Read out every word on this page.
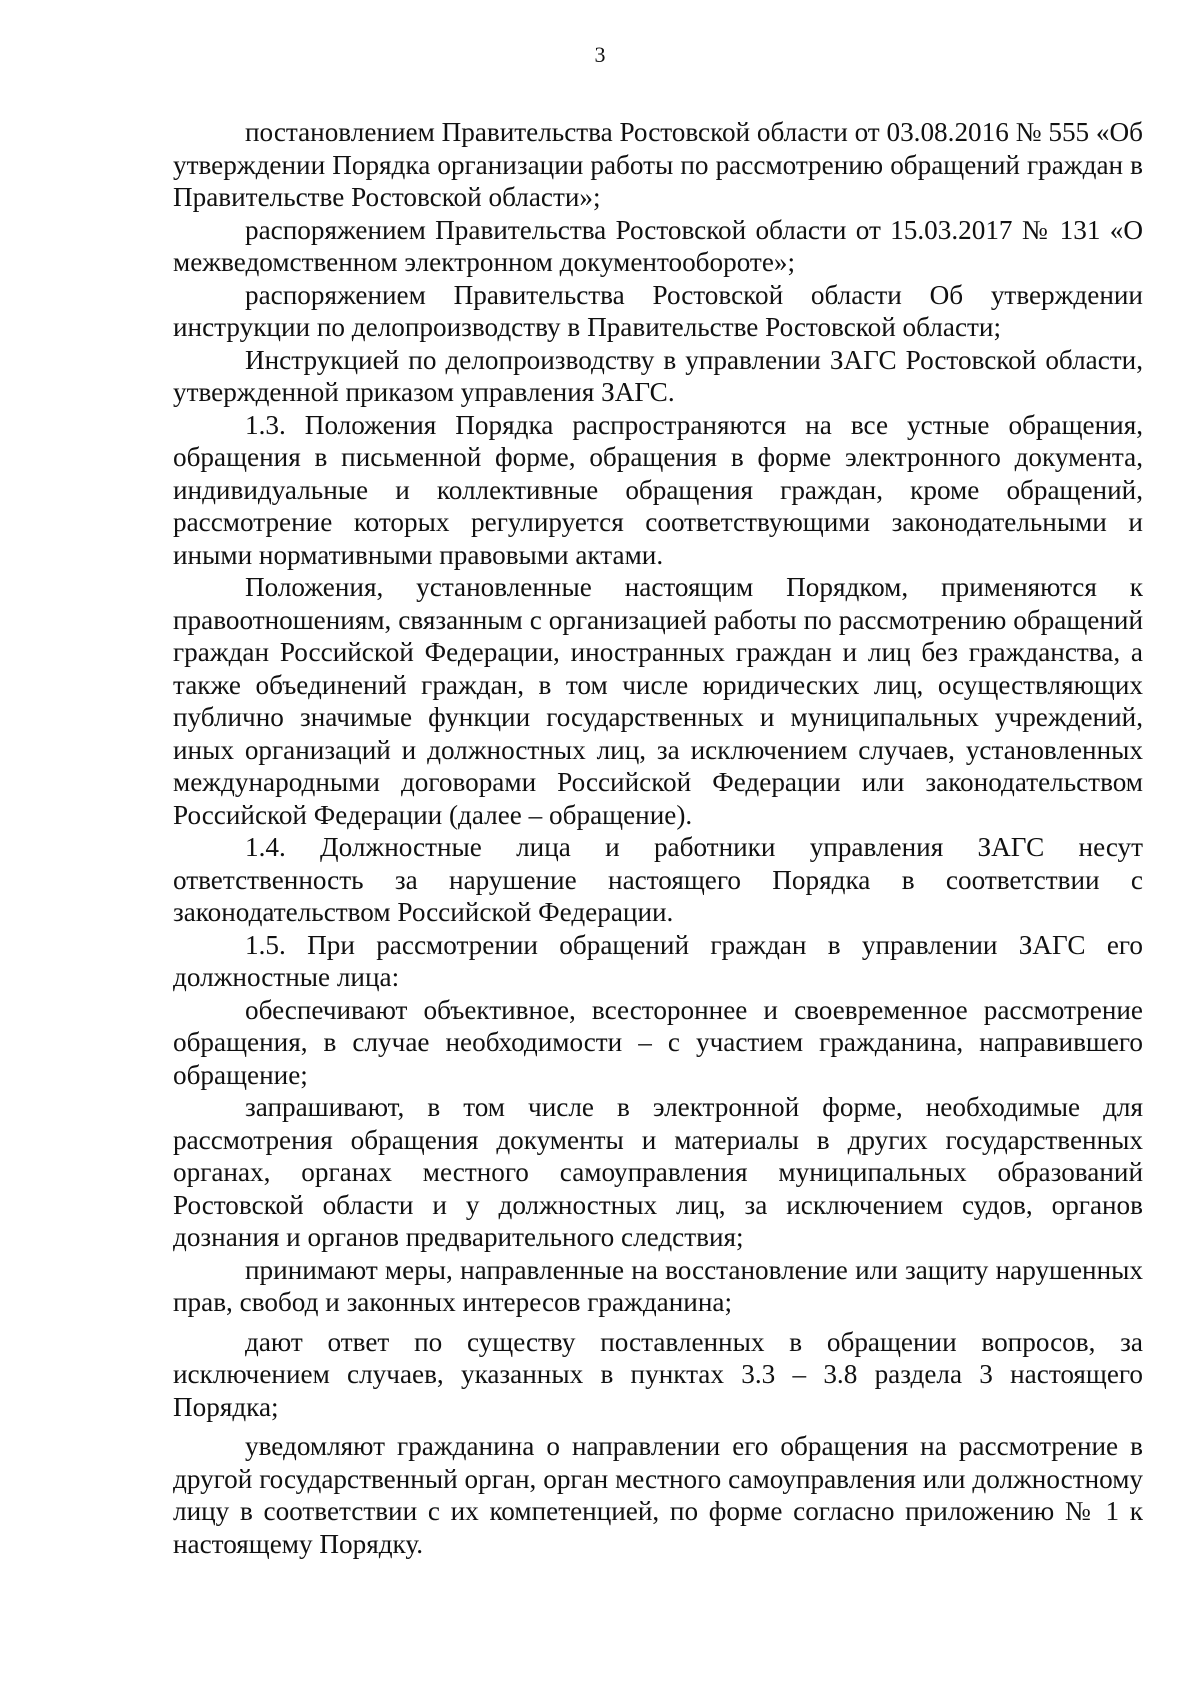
3

постановлением Правительства Ростовской области от 03.08.2016 № 555 «Об утверждении Порядка организации работы по рассмотрению обращений граждан в Правительстве Ростовской области»;

распоряжением Правительства Ростовской области от 15.03.2017 № 131 «О межведомственном электронном документообороте»;

распоряжением Правительства Ростовской области Об утверждении инструкции по делопроизводству в Правительстве Ростовской области;

Инструкцией по делопроизводству в управлении ЗАГС Ростовской области, утвержденной приказом управления ЗАГС.

1.3. Положения Порядка распространяются на все устные обращения, обращения в письменной форме, обращения в форме электронного документа, индивидуальные и коллективные обращения граждан, кроме обращений, рассмотрение которых регулируется соответствующими законодательными и иными нормативными правовыми актами.

Положения, установленные настоящим Порядком, применяются к правоотношениям, связанным с организацией работы по рассмотрению обращений граждан Российской Федерации, иностранных граждан и лиц без гражданства, а также объединений граждан, в том числе юридических лиц, осуществляющих публично значимые функции государственных и муниципальных учреждений, иных организаций и должностных лиц, за исключением случаев, установленных международными договорами Российской Федерации или законодательством Российской Федерации (далее – обращение).

1.4. Должностные лица и работники управления ЗАГС несут ответственность за нарушение настоящего Порядка в соответствии с законодательством Российской Федерации.

1.5. При рассмотрении обращений граждан в управлении ЗАГС его должностные лица:

обеспечивают объективное, всестороннее и своевременное рассмотрение обращения, в случае необходимости – с участием гражданина, направившего обращение;

запрашивают, в том числе в электронной форме, необходимые для рассмотрения обращения документы и материалы в других государственных органах, органах местного самоуправления муниципальных образований Ростовской области и у должностных лиц, за исключением судов, органов дознания и органов предварительного следствия;

принимают меры, направленные на восстановление или защиту нарушенных прав, свобод и законных интересов гражданина;

дают ответ по существу поставленных в обращении вопросов, за исключением случаев, указанных в пунктах 3.3 – 3.8 раздела 3 настоящего Порядка;

уведомляют гражданина о направлении его обращения на рассмотрение в другой государственный орган, орган местного самоуправления или должностному лицу в соответствии с их компетенцией, по форме согласно приложению № 1 к настоящему Порядку.
